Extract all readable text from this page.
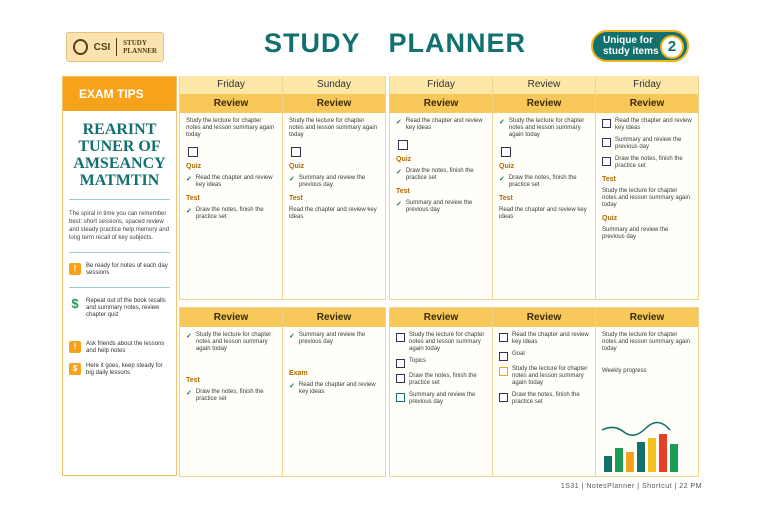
CSI STUDY
PLANNER	STUDY PLANNER	Unique for
study items 2
EXAM TIPS
REARINT TUNER OF AMSEANCY MATMTIN
The spiral in time you can remember best: short sessions, spaced review and steady practice help memory and long term recall of key subjects.
!	Be ready for notes of each day sessions
$	Repeat out of the book recalls and summary notes, review chapter quiz
!	Ask friends about the lessons and help notes
$	Here it goes, keep steady for big daily lessons
Friday
Review
Study the lecture for chapter notes and lesson summary again today
Quiz
✓ Read the chapter and review key ideas
Test
✓ Draw the notes, finish the practice set
Sunday
Review
Study the lecture for chapter notes and lesson summary again today
Quiz
✓ Summary and review the previous day
Test
Read the chapter and review key ideas
Friday
Review
✓ Read the chapter and review key ideas
Quiz
✓ Draw the notes, finish the practice set
Test
✓ Summary and review the previous day
Review
Review
✓ Study the lecture for chapter notes and lesson summary again today
Quiz
✓ Draw the notes, finish the practice set
Test
Read the chapter and review key ideas
Friday
Review
Read the chapter and review key ideas
Summary and review the previous day
Draw the notes, finish the practice set
Test
Study the lecture for chapter notes and lesson summary again today
Quiz
Summary and review the previous day
Review
✓ Study the lecture for chapter notes and lesson summary again today
Test
✓ Draw the notes, finish the practice set
Review
✓ Summary and review the previous day
Exam
✓ Read the chapter and review key ideas
Review
Study the lecture for chapter notes and lesson summary again today
Topics
Draw the notes, finish the practice set
Summary and review the previous day
Review
Read the chapter and review key ideas
Goal
Study the lecture for chapter notes and lesson summary again today
Draw the notes, finish the practice set
Review
Study the lecture for chapter notes and lesson summary again today
Weekly progress
1S31 | NotesPlanner | Shortcut | 22 PM
